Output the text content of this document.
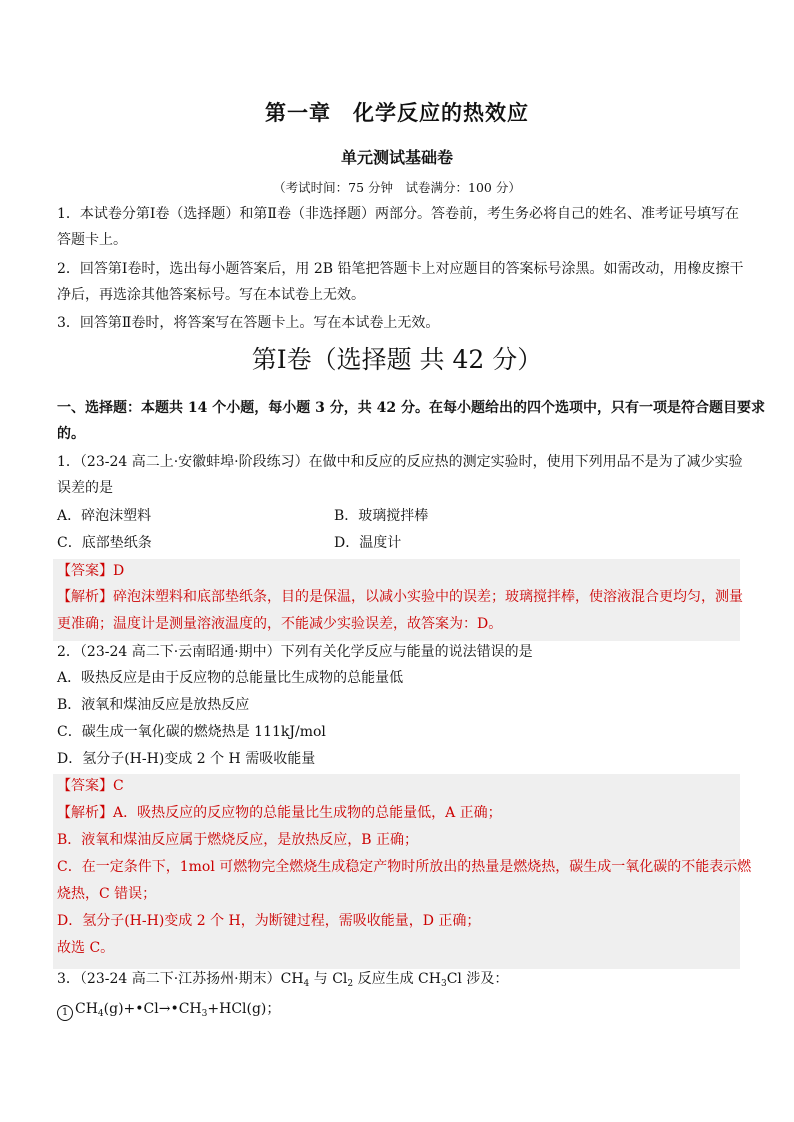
第一章　化学反应的热效应
单元测试基础卷
（考试时间：75 分钟　试卷满分：100 分）
1．本试卷分第Ⅰ卷（选择题）和第Ⅱ卷（非选择题）两部分。答卷前，考生务必将自己的姓名、准考证号填写在
答题卡上。
2．回答第Ⅰ卷时，选出每小题答案后，用 2B 铅笔把答题卡上对应题目的答案标号涂黑。如需改动，用橡皮擦干
净后，再选涂其他答案标号。写在本试卷上无效。
3．回答第Ⅱ卷时，将答案写在答题卡上。写在本试卷上无效。
第Ⅰ卷（选择题 共 42 分）
一、选择题：本题共 14 个小题，每小题 3 分，共 42 分。在每小题给出的四个选项中，只有一项是符合题目要求
的。
1．（23-24 高二上·安徽蚌埠·阶段练习）在做中和反应的反应热的测定实验时，使用下列用品不是为了减少实验
误差的是
A．碎泡沫塑料	B．玻璃搅拌棒
C．底部垫纸条	D．温度计
【答案】D
【解析】碎泡沫塑料和底部垫纸条，目的是保温，以减小实验中的误差；玻璃搅拌棒，使溶液混合更均匀，测量
更准确；温度计是测量溶液温度的，不能减少实验误差，故答案为：D。
2．（23-24 高二下·云南昭通·期中）下列有关化学反应与能量的说法错误的是
A．吸热反应是由于反应物的总能量比生成物的总能量低
B．液氧和煤油反应是放热反应
C．碳生成一氧化碳的燃烧热是 111kJ/mol
D．氢分子(H-H)变成 2 个 H 需吸收能量
【答案】C
【解析】A．吸热反应的反应物的总能量比生成物的总能量低，A 正确；
B．液氧和煤油反应属于燃烧反应，是放热反应，B 正确；
C．在一定条件下，1mol 可燃物完全燃烧生成稳定产物时所放出的热量是燃烧热，碳生成一氧化碳的不能表示燃
烧热，C 错误；
D．氢分子(H-H)变成 2 个 H，为断键过程，需吸收能量，D 正确；
故选 C。
3．（23-24 高二下·江苏扬州·期末）$CH_4$ 与 $Cl_2$ 反应生成 $CH_3Cl$ 涉及：
1 $CH_4(g)+•Cl\to•CH_3+HCl(g)$；
